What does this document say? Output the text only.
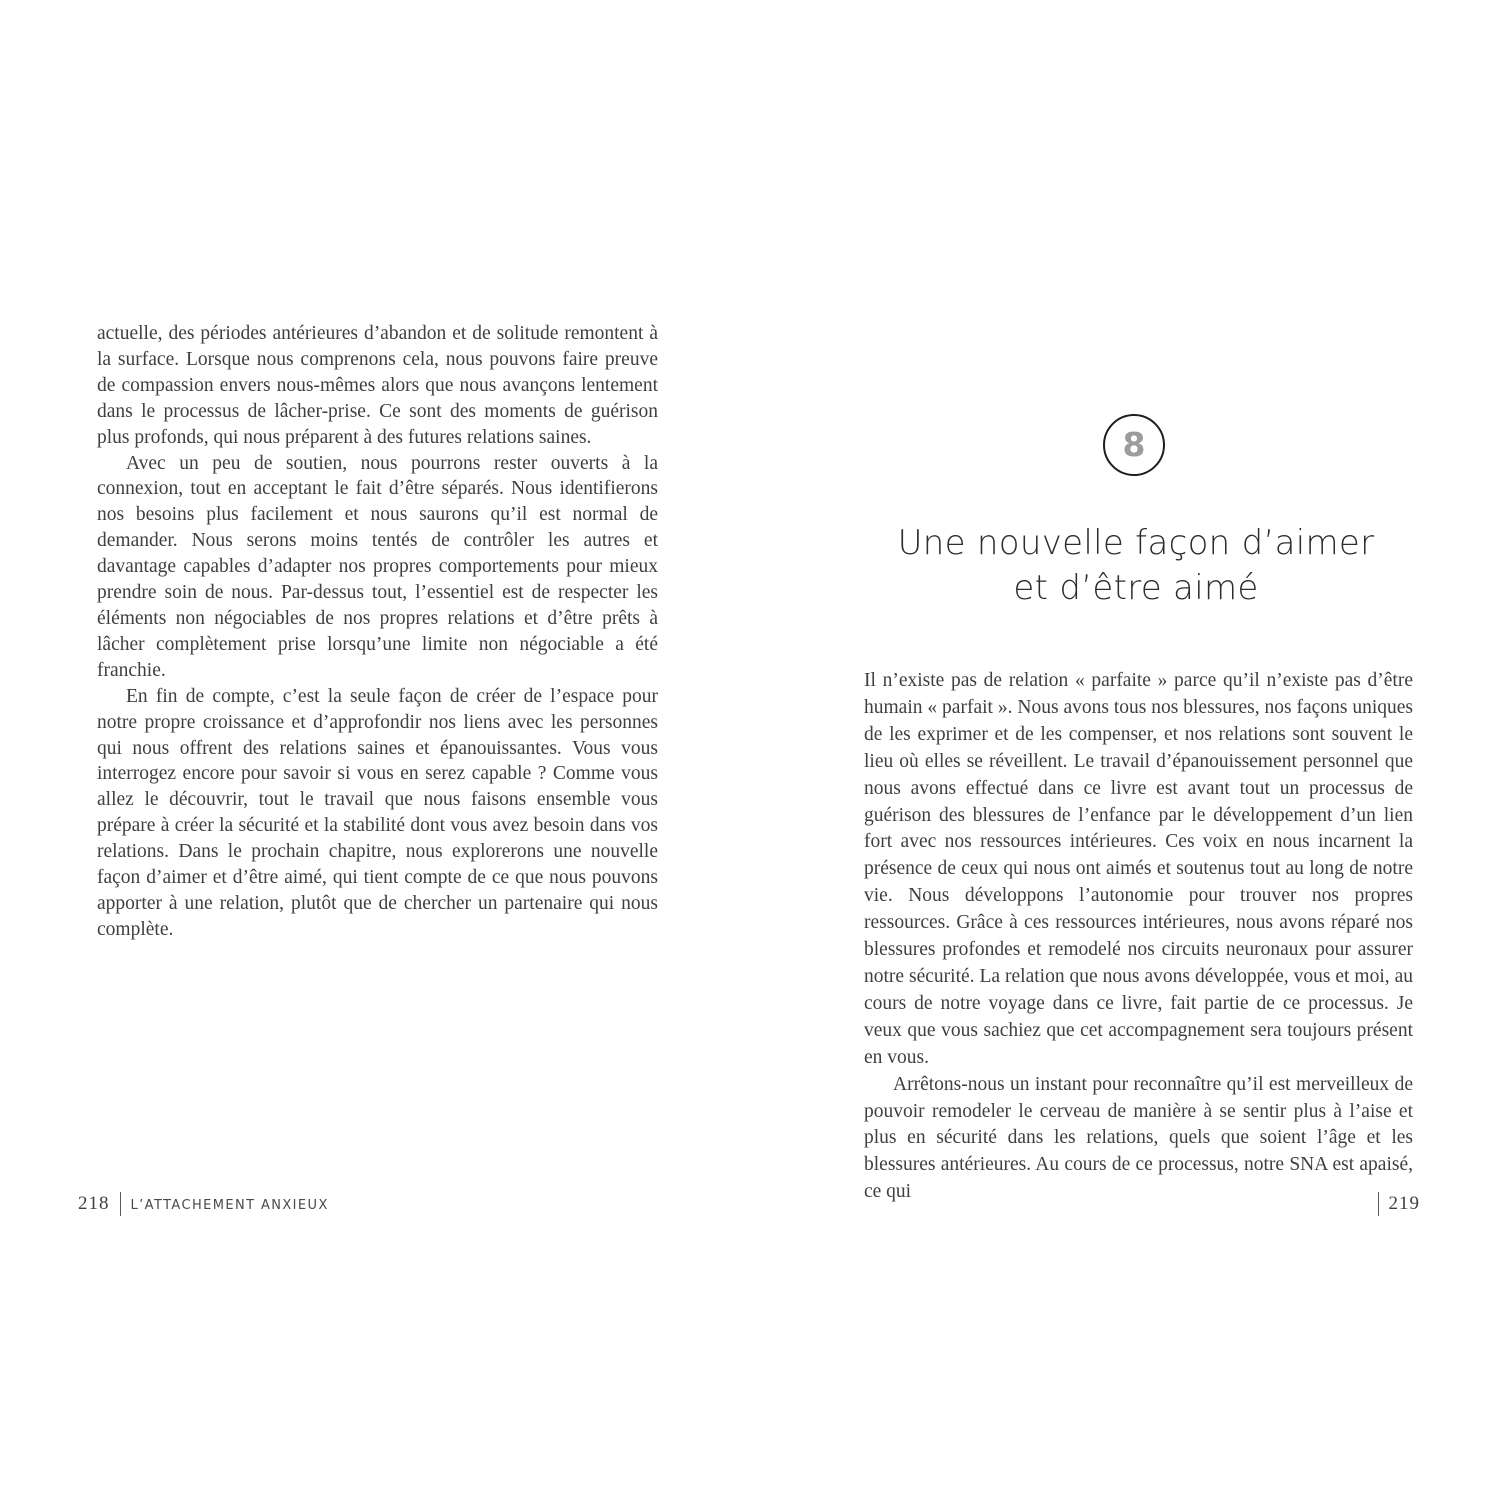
actuelle, des périodes antérieures d’abandon et de solitude remontent à la surface. Lorsque nous comprenons cela, nous pouvons faire preuve de compassion envers nous-mêmes alors que nous avançons lentement dans le processus de lâcher-prise. Ce sont des moments de guérison plus profonds, qui nous préparent à des futures relations saines.

Avec un peu de soutien, nous pourrons rester ouverts à la connexion, tout en acceptant le fait d’être séparés. Nous identifierons nos besoins plus facilement et nous saurons qu’il est normal de demander. Nous serons moins tentés de contrôler les autres et davantage capables d’adapter nos propres comportements pour mieux prendre soin de nous. Par-dessus tout, l’essentiel est de respecter les éléments non négociables de nos propres relations et d’être prêts à lâcher complètement prise lorsqu’une limite non négociable a été franchie.

En fin de compte, c’est la seule façon de créer de l’espace pour notre propre croissance et d’approfondir nos liens avec les personnes qui nous offrent des relations saines et épanouissantes. Vous vous interrogez encore pour savoir si vous en serez capable ? Comme vous allez le découvrir, tout le travail que nous faisons ensemble vous prépare à créer la sécurité et la stabilité dont vous avez besoin dans vos relations. Dans le prochain chapitre, nous explorerons une nouvelle façon d’aimer et d’être aimé, qui tient compte de ce que nous pouvons apporter à une relation, plutôt que de chercher un partenaire qui nous complète.

218 L’ATTACHEMENT ANXIEUX
8
Une nouvelle façon d’aimer
et d’être aimé

Il n’existe pas de relation « parfaite » parce qu’il n’existe pas d’être humain « parfait ». Nous avons tous nos blessures, nos façons uniques de les exprimer et de les compenser, et nos relations sont souvent le lieu où elles se réveillent. Le travail d’épanouissement personnel que nous avons effectué dans ce livre est avant tout un processus de guérison des blessures de l’enfance par le développement d’un lien fort avec nos ressources intérieures. Ces voix en nous incarnent la présence de ceux qui nous ont aimés et soutenus tout au long de notre vie. Nous développons l’autonomie pour trouver nos propres ressources. Grâce à ces ressources intérieures, nous avons réparé nos blessures profondes et remodelé nos circuits neuronaux pour assurer notre sécurité. La relation que nous avons développée, vous et moi, au cours de notre voyage dans ce livre, fait partie de ce processus. Je veux que vous sachiez que cet accompagnement sera toujours présent en vous.

Arrêtons-nous un instant pour reconnaître qu’il est merveilleux de pouvoir remodeler le cerveau de manière à se sentir plus à l’aise et plus en sécurité dans les relations, quels que soient l’âge et les blessures antérieures. Au cours de ce processus, notre SNA est apaisé, ce qui

219
